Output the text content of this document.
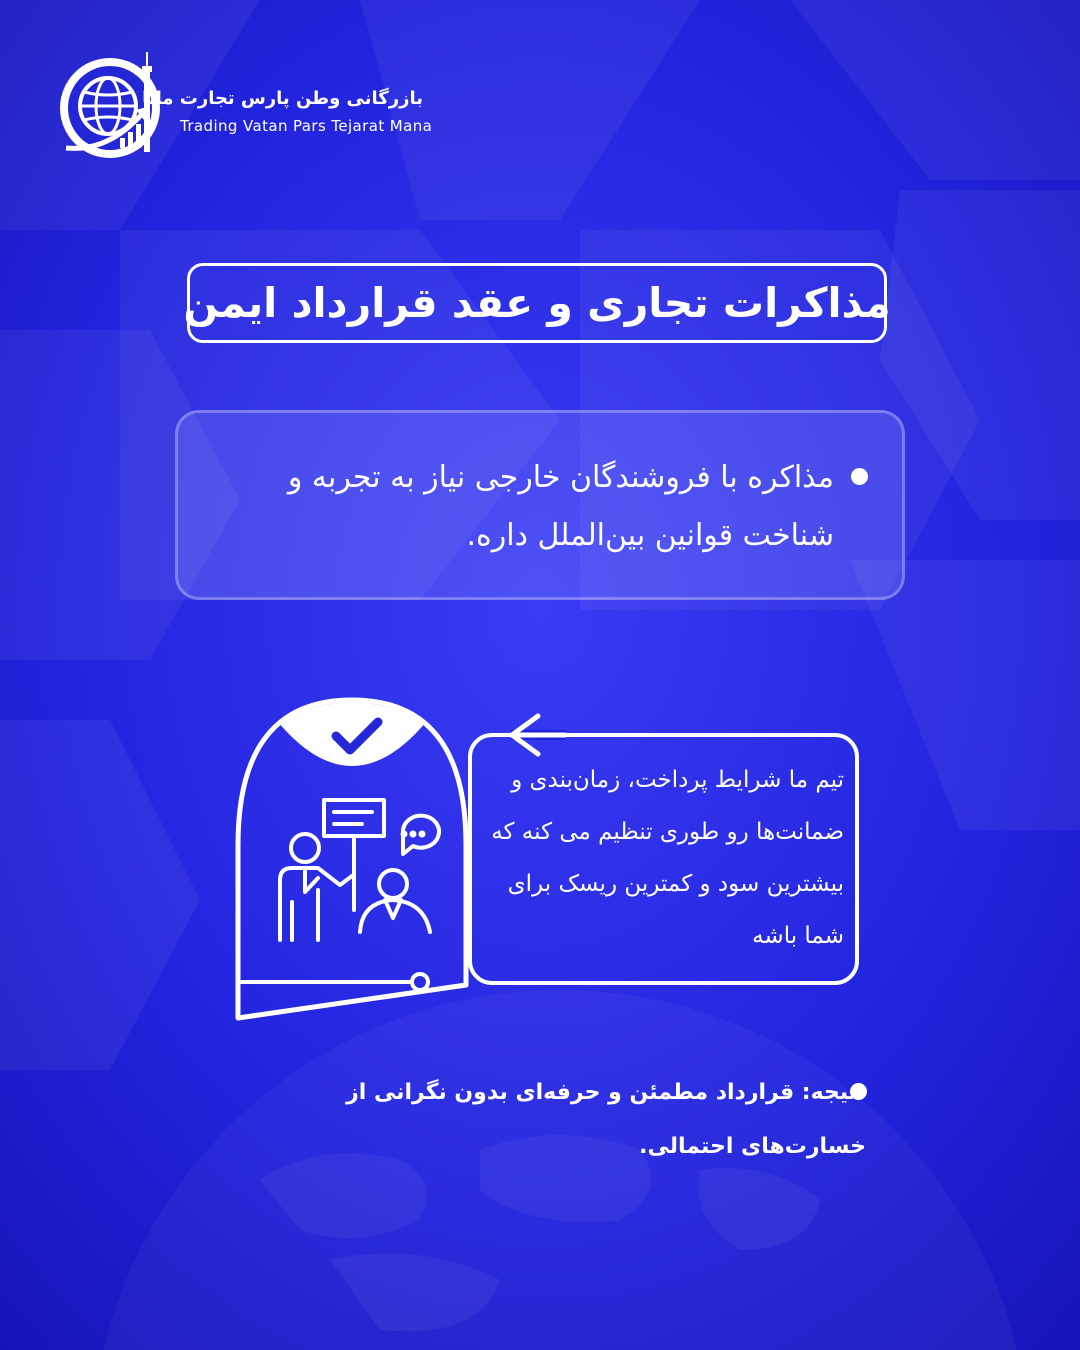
بازرگانی وطن پارس تجارت مانا
Trading Vatan Pars Tejarat Mana
مذاکرات تجاری و عقد قرارداد ایمن
مذاکره با فروشندگان خارجی نیاز به تجربه و شناخت قوانین بین‌الملل داره.
تیم ما شرایط پرداخت، زمان‌بندی و ضمانت‌ها رو طوری تنظیم می کنه که بیشترین سود و کمترین ریسک برای شما باشه
نتیجه: قرارداد مطمئن و حرفه‌ای بدون نگرانی از خسارت‌های احتمالی.
